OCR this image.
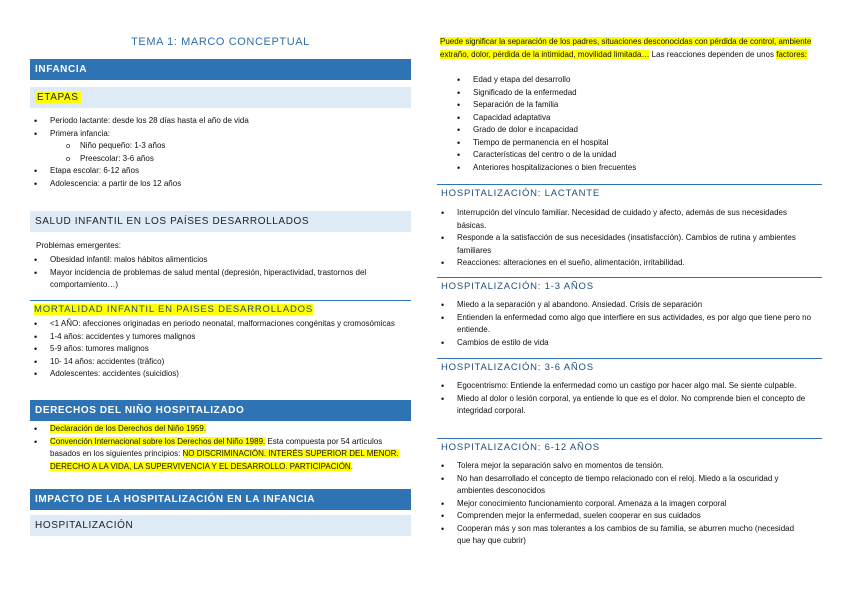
TEMA 1: MARCO CONCEPTUAL
INFANCIA
ETAPAS
• Periodo lactante: desde los 28 días hasta el año de vida
• Primera infancia:
o Niño pequeño: 1-3 años
o Preescolar: 3-6 años
• Etapa escolar: 6-12 años
• Adolescencia: a partir de los 12 años
SALUD INFANTIL EN LOS PAÍSES DESARROLLADOS
Problemas emergentes:
• Obesidad infantil: malos hábitos alimenticios
• Mayor incidencia de problemas de salud mental (depresión, hiperactividad, trastornos del comportamiento…)
MORTALIDAD INFANTIL EN PAISES DESARROLLADOS
• <1 AÑO: afecciones originadas en periodo neonatal, malformaciones congénitas y cromosómicas
• 1-4 años: accidentes y tumores malignos
• 5-9 años: tumores malignos
• 10- 14 años: accidentes (tráfico)
• Adolescentes: accidentes (suicidios)
DERECHOS DEL NIÑO HOSPITALIZADO
• Declaración de los Derechos del Niño 1959.
• Convención Internacional sobre los Derechos del Niño 1989. Esta compuesta por 54 artículos basados en los siguientes principios: NO DISCRIMINACIÓN. INTERÉS SUPERIOR DEL MENOR. DERECHO A LA VIDA, LA SUPERVIVENCIA Y EL DESARROLLO. PARTICIPACIÓN.
IMPACTO DE LA HOSPITALIZACIÓN EN LA INFANCIA
HOSPITALIZACIÓN
Puede significar la separación de los padres, situaciones desconocidas con pérdida de control, ambiente extraño, dolor, pérdida de la intimidad, movilidad limitada… Las reacciones dependen de unos factores:
• Edad y etapa del desarrollo
• Significado de la enfermedad
• Separación de la familia
• Capacidad adaptativa
• Grado de dolor e incapacidad
• Tiempo de permanencia en el hospital
• Características del centro o de la unidad
• Anteriores hospitalizaciones o bien frecuentes
HOSPITALIZACIÓN: LACTANTE
• Interrupción del vínculo familiar. Necesidad de cuidado y afecto, además de sus necesidades básicas.
• Responde a la satisfacción de sus necesidades (insatisfacción). Cambios de rutina y ambientes familiares
• Reacciones: alteraciones en el sueño, alimentación, irritabilidad.
HOSPITALIZACIÓN: 1-3 AÑOS
• Miedo a la separación y al abandono. Ansiedad. Crisis de separación
• Entienden la enfermedad como algo que interfiere en sus actividades, es por algo que tiene pero no entiende.
• Cambios de estilo de vida
HOSPITALIZACIÓN: 3-6 AÑOS
• Egocentrismo: Entiende la enfermedad como un castigo por hacer algo mal. Se siente culpable.
• Miedo al dolor o lesión corporal, ya entiende lo que es el dolor. No comprende bien el concepto de integridad corporal.
HOSPITALIZACIÓN: 6-12 AÑOS
• Tolera mejor la separación salvo en momentos de tensión.
• No han desarrollado el concepto de tiempo relacionado con el reloj. Miedo a la oscuridad y ambientes desconocidos
• Mejor conocimiento funcionamiento corporal. Amenaza a la imagen corporal
• Comprenden mejor la enfermedad, suelen cooperar en sus cuidados
• Cooperan más y son mas tolerantes a los cambios de su familia, se aburren mucho (necesidad que hay que cubrir)
